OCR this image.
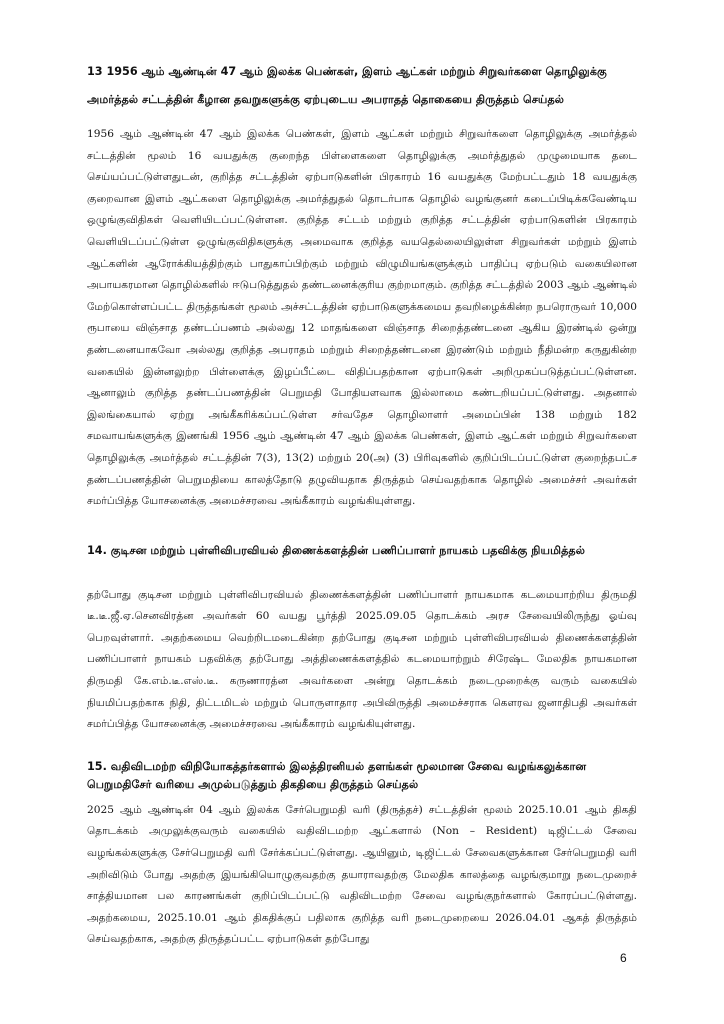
13 1956 ஆம் ஆண்டின் 47 ஆம் இலக்க பெண்கள், இளம் ஆட்கள் மற்றும் சிறுவர்களை தொழிலுக்கு அமர்த்தல் சட்டத்தின் கீழான தவறுகளுக்கு ஏற்புடைய அபராதத் தொகையை திருத்தம் செய்தல்

1956 ஆம் ஆண்டின் 47 ஆம் இலக்க பெண்கள், இளம் ஆட்கள் மற்றும் சிறுவர்களை தொழிலுக்கு அமர்த்தல் சட்டத்தின் மூலம் 16 வயதுக்கு குறைந்த பிள்ளைகளை தொழிலுக்கு அமர்த்துதல் முழுமையாக தடை செய்யப்பட்டுள்ளதுடன், குறித்த சட்டத்தின் ஏற்பாடுகளின் பிரகாரம் 16 வயதுக்கு மேற்பட்டதும் 18 வயதுக்கு குறைவான இளம் ஆட்களை தொழிலுக்கு அமர்த்துதல் தொடர்பாக தொழில் வழங்குனர் கடைப்பிடிக்கவேண்டிய ஒழுங்குவிதிகள் வெளியிடப்பட்டுள்ளன. குறித்த சட்டம் மற்றும் குறித்த சட்டத்தின் ஏற்பாடுகளின் பிரகாரம் வெளியிடப்பட்டுள்ள ஒழுங்குவிதிகளுக்கு அமைவாக குறித்த வயதெல்லையிலுள்ள சிறுவர்கள் மற்றும் இளம் ஆட்களின் ஆரோக்கியத்திற்கும் பாதுகாப்பிற்கும் மற்றும் விழுமியங்களுக்கும் பாதிப்பு ஏற்படும் வகையிலான அபாயகரமான தொழில்களில் ஈடுபடுத்துதல் தண்டனைக்குரிய குற்றமாகும். குறித்த சட்டத்தில் 2003 ஆம் ஆண்டில் மேற்கொள்ளப்பட்ட திருத்தங்கள் மூலம் அச்சட்டத்தின் ஏற்பாடுகளுக்கமைய தவறிழைக்கின்ற நபரொருவர் 10,000 ரூபாயை விஞ்சாத தண்டப்பணம் அல்லது 12 மாதங்களை விஞ்சாத சிறைத்தண்டனை ஆகிய இரண்டில் ஒன்று தண்டனையாகவோ அல்லது குறித்த அபராதம் மற்றும் சிறைத்தண்டனை இரண்டும் மற்றும் நீதிமன்ற கருதுகின்ற வகையில் இன்னலுற்ற பிள்ளைக்கு இழப்பீட்டை விதிப்பதற்கான ஏற்பாடுகள் அறிமுகப்படுத்தப்பட்டுள்ளன. ஆனாலும் குறித்த தண்டப்பணத்தின் பெறுமதி போதியளவாக இல்லாமை கண்டறியப்பட்டுள்ளது. அதனால் இலங்கையால் ஏற்று அங்கீகரிக்கப்பட்டுள்ள சர்வதேச தொழிலாளர் அமைப்பின் 138 மற்றும் 182 சமவாயங்களுக்கு இணங்கி 1956 ஆம் ஆண்டின் 47 ஆம் இலக்க பெண்கள், இளம் ஆட்கள் மற்றும் சிறுவர்களை தொழிலுக்கு அமர்த்தல் சட்டத்தின் 7(3), 13(2) மற்றும் 20(அ) (3) பிரிவுகளில் குறிப்பிடப்பட்டுள்ள குறைந்தபட்ச தண்டப்பணத்தின் பெறுமதியை காலத்தோடு தழுவியதாக திருத்தம் செய்வதற்காக தொழில் அமைச்சர் அவர்கள் சமர்ப்பித்த யோசனைக்கு அமைச்சரவை அங்கீகாரம் வழங்கியுள்ளது.

14. குடிசன மற்றும் புள்ளிவிபரவியல் திணைக்களத்தின் பணிப்பாளர் நாயகம் பதவிக்கு நியமித்தல்

தற்போது குடிசன மற்றும் புள்ளிவிபரவியல் திணைக்களத்தின் பணிப்பாளர் நாயகமாக கடமையாற்றிய திருமதி டீ.டீ.ஜீ.ஏ.செனவிரத்ன அவர்கள் 60 வயது பூர்த்தி 2025.09.05 தொடக்கம் அரச சேவையிலிருந்து ஓய்வு பெறவுள்ளார். அதற்கமைய வெற்றிடமடைகின்ற தற்போது குடிசன மற்றும் புள்ளிவிபரவியல் திணைக்களத்தின் பணிப்பாளர் நாயகம் பதவிக்கு தற்போது அத்திணைக்களத்தில் கடமையாற்றும் சிரேஷ்ட மேலதிக நாயகமான திருமதி கே.எம்.டீ.எஸ்.டீ. கருணாரத்ன அவர்களை அன்று தொடக்கம் நடைமுறைக்கு வரும் வகையில் நியமிப்பதற்காக நிதி, திட்டமிடல் மற்றும் பொருளாதார அபிவிருத்தி அமைச்சராக கௌரவ ஜனாதிபதி அவர்கள் சமர்ப்பித்த யோசனைக்கு அமைச்சரவை அங்கீகாரம் வழங்கியுள்ளது.

15. வதிவிடமற்ற விநியோகத்தர்களால் இலத்திரனியல் தளங்கள் மூலமான சேவை வழங்கலுக்கான பெறுமதிசேர் வரியை அமுல்படுத்தும் திகதியை திருத்தம் செய்தல்

2025 ஆம் ஆண்டின் 04 ஆம் இலக்க சேர்பெறுமதி வரி (திருத்தச்) சட்டத்தின் மூலம் 2025.10.01 ஆம் திகதி தொடக்கம் அமுலுக்குவரும் வகையில் வதிவிடமற்ற ஆட்களால் (Non – Resident) டிஜிட்டல் சேவை வழங்கல்களுக்கு சேர்பெறுமதி வரி சேர்க்கப்பட்டுள்ளது. ஆயினும், டிஜிட்டல் சேவைகளுக்கான சேர்பெறுமதி வரி அறிவிடும் போது அதற்கு இயங்கியொழுகுவதற்கு தயாராவதற்கு மேலதிக காலத்தை வழங்குமாறு நடைமுறைச் சாத்தியமான பல காரணங்கள் குறிப்பிடப்பட்டு வதிவிடமற்ற சேவை வழங்குநர்களால் கோரப்பட்டுள்ளது. அதற்கமைய, 2025.10.01 ஆம் திகதிக்குப் பதிலாக குறித்த வரி நடைமுறையை 2026.04.01 ஆகத் திருத்தம் செய்வதற்காக, அதற்கு திருத்தப்பட்ட ஏற்பாடுகள் தற்போது

6
